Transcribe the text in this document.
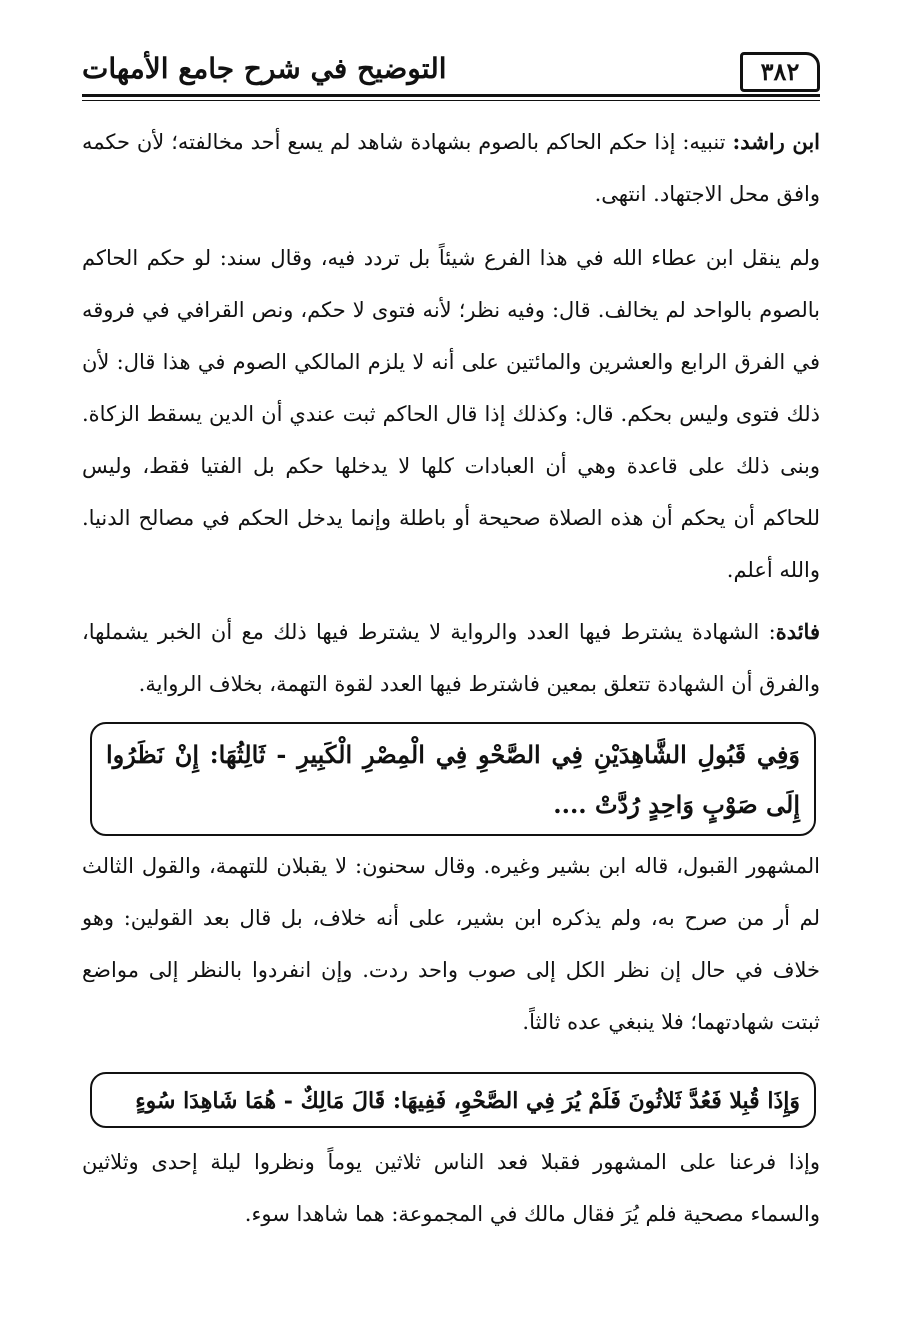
٣٨٢
التوضيح في شرح جامع الأمهات
ابن راشد: تنبيه: إذا حكم الحاكم بالصوم بشهادة شاهد لم يسع أحد مخالفته؛ لأن حكمه وافق محل الاجتهاد. انتهى.
ولم ينقل ابن عطاء الله في هذا الفرع شيئاً بل تردد فيه، وقال سند: لو حكم الحاكم بالصوم بالواحد لم يخالف. قال: وفيه نظر؛ لأنه فتوى لا حكم، ونص القرافي في فروقه في الفرق الرابع والعشرين والمائتين على أنه لا يلزم المالكي الصوم في هذا قال: لأن ذلك فتوى وليس بحكم. قال: وكذلك إذا قال الحاكم ثبت عندي أن الدين يسقط الزكاة. وبنى ذلك على قاعدة وهي أن العبادات كلها لا يدخلها حكم بل الفتيا فقط، وليس للحاكم أن يحكم أن هذه الصلاة صحيحة أو باطلة وإنما يدخل الحكم في مصالح الدنيا. والله أعلم.
فائدة: الشهادة يشترط فيها العدد والرواية لا يشترط فيها ذلك مع أن الخبر يشملها، والفرق أن الشهادة تتعلق بمعين فاشترط فيها العدد لقوة التهمة، بخلاف الرواية.
وَفِي قَبُولِ الشَّاهِدَيْنِ فِي الصَّحْوِ فِي الْمِصْرِ الْكَبِيرِ - ثَالِثُهَا: إِنْ نَظَرُوا إِلَى صَوْبٍ وَاحِدٍ رُدَّتْ ....
المشهور القبول، قاله ابن بشير وغيره. وقال سحنون: لا يقبلان للتهمة، والقول الثالث لم أر من صرح به، ولم يذكره ابن بشير، على أنه خلاف، بل قال بعد القولين: وهو خلاف في حال إن نظر الكل إلى صوب واحد ردت. وإن انفردوا بالنظر إلى مواضع ثبتت شهادتهما؛ فلا ينبغي عده ثالثاً.
وَإِذَا قُبِلا فَعُدَّ ثَلاثُونَ فَلَمْ يُرَ فِي الصَّحْوِ، فَفِيهَا: قَالَ مَالِكٌ - هُمَا شَاهِدَا سُوءٍ
وإذا فرعنا على المشهور فقبلا فعد الناس ثلاثين يوماً ونظروا ليلة إحدى وثلاثين والسماء مصحية فلم يُرَ فقال مالك في المجموعة: هما شاهدا سوء.
